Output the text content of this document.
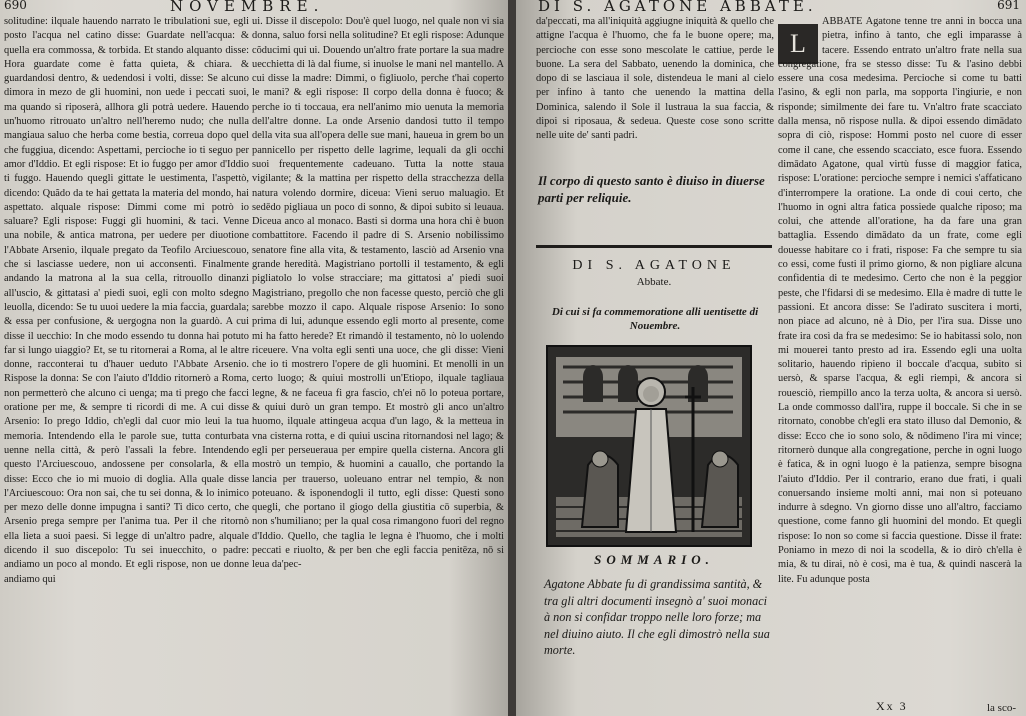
690	NOVEMBRE.

solitudine: ilquale hauendo narrato le tribulationi sue, egli posto l'acqua nel catino disse: Guardate nell'acqua: & quella era commossa, & torbida. Et stando alquanto disse: Hora guardate come è fatta quieta, & chiara. & guardandosi dentro, & uedendosi i volti, disse: Se alcuno dimora in mezo de gli huomini, non uede i peccati suoi, ma quando si riposerà, allhora gli potrà uedere. Hauendo un'huomo ritrouato un'altro nell'heremo nudo; che nulla mangiaua saluo che herba come bestia, correua dopo quel che fuggiua, dicendo: Aspettami, percioche io ti seguo per amor d'Iddio. Et egli rispose: Et io fuggo per amor d'Iddio ti fuggo. Hauendo quegli gittate le uestimenta, l'aspettò, dicendo: Quãdo da te hai gettata la materia del mondo, hai aspettato. alquale rispose: Dimmi come mi potrò io saluare? Egli rispose: Fuggi gli huomini, & taci. Venne una nobile, & antica matrona, per uedere per diuotione l'Abbate Arsenio, ilquale pregato da Teofilo Arciuescouo, che si lasciasse uedere, non ui acconsentì. Finalmente andando la matrona al la sua cella, ritrouollo dinanzi all'uscio, & gittatasi a' piedi suoi, egli con molto sdegno leuolla, dicendo: Se tu uuoi uedere la mia faccia, guardala; & essa per confusione, & uergogna non la guardò. A cui disse il uecchio: In che modo essendo tu donna hai potuto far si lungo uiaggio? Et, se tu ritornerai a Roma, al le altre donne, racconterai tu d'hauer ueduto l'Abbate Arsenio. Rispose la donna: Se con l'aiuto d'Iddio ritornerò a Roma, non permetterò che alcuno ci uenga; ma ti prego che facci oratione per me, & sempre ti ricordi di me. A cui disse Arsenio: Io prego Iddio, ch'egli dal cuor mio leui la tua memoria. Intendendo ella le parole sue, tutta conturbata uenne nella città, & però l'assalì la febre. Intendendo questo l'Arciuescouo, andossene per consolarla, & ella disse: Ecco che io mi muoio di doglia. Alla quale disse l'Arciuescouo: Ora non sai, che tu sei donna, & lo inimico per mezo delle donne impugna i santi? Ti dico certo, che Arsenio prega sempre per l'anima tua. Per il che ritornò ella lieta a suoi paesi. Si legge di un'altro padre, alquale dicendo il suo discepolo: Tu sei inuecchito, o padre: andiamo un poco al mondo. Et egli rispose, non ue donne andiamo qui

ui. Disse il discepolo: Dou'è quel luogo, nel quale non vi sia donna, saluo forsi nella solitudine? Et egli rispose: Adunque cõducimi qui ui. Douendo un'altro frate portare la sua madre uecchietta di là dal fiume, si inuolse le mani nel mantello. A cui disse la madre: Dimmi, o figliuolo, perche t'hai coperto le mani? & egli rispose: Il corpo della donna è fuoco; & perche io ti toccaua, era nell'animo mio uenuta la memoria dell'altre donne. La onde Arsenio dandosi tutto il tempo della vita sua all'opera delle sue mani, haueua in grem bo un pannicello per rispetto delle lagrime, lequali da gli occhi suoi frequentemente cadeuano. Tutta la notte staua vigilante; & la mattina per rispetto della stracchezza della natura volendo dormire, diceua: Vieni seruo maluagio. Et sedēdo pigliaua un poco di sonno, & dipoi subito si leuaua. Diceua anco al monaco. Basti si dorma una hora chi è buon combattitore. Facendo il padre di S. Arsenio nobilissimo senatore fine alla vita, & testamento, lasciò ad Arsenio vna grande heredità. Magistriano portolli il testamento, & egli pigliatolo lo volse stracciare; ma gittatosi a' piedi suoi Magistriano, pregollo che non facesse questo, perciò che gli sarebbe mozzo il capo. Alquale rispose Arsenio: Io sono prima di lui, adunque essendo egli morto al presente, come mi ha fatto herede? Et rimandò il testamento, nò lo uolendo riceuere. Vna volta egli sentì una uoce, che gli disse: Vieni che io ti mostrero l'opere de gli huomini. Et menolli in un certo luogo; & quiui mostrolli un'Etiopo, ilquale tagliaua legne, & ne faceua fi gra fascio, ch'ei nō lo poteua portare, & quiui durò un gran tempo. Et mostrò gli anco un'altro huomo, ilquale attingeua acqua d'un lago, & la metteua in vna cisterna rotta, e di quiui uscina ritornandosi nel lago; & egli per perseueraua per empire quella cisterna. Ancora gli mostrò un tempio, & huomini a cauallo, che portando la lancia per trauerso, uoleuano entrar nel tempio, & non poteuano. & isponendogli il tutto, egli disse: Questi sono quegli, che portano il giogo della giustitia cō superbia, & non s'humiliano; per la qual cosa rimangono fuori del regno d'Iddio. Quello, che taglia le legna è l'huomo, che i molti peccati e riuolto, & per ben che egli faccia penitēza, nō si leua da'pec-

DI S. AGATONE ABBATE.	691

da'peccati, ma all'iniquità aggiugne iniquità & quello che attigne l'acqua è l'huomo, che fa le buone opere; ma, percioche con esse sono mescolate le cattiue, perde le buone. La sera del Sabbato, uenendo la dominica, che dopo di se lasciaua il sole, distendeua le mani al cielo per infino à tanto che uenendo la mattina della Dominica, salendo il Sole il lustraua la sua faccia, & dipoi si riposaua, & sedeua. Queste cose sono scritte nelle uite de' santi padri.

Il corpo di questo santo è diuiso in diuerse parti per reliquie.
DI S. AGATONE
Abbate.
Di cui si fa commemoratione alli uentisette di Nouembre.
SOMMARIO.
Agatone Abbate fu di grandissima santità, & tra gli altri documenti insegnò a' suoi monaci à non si confidar troppo nelle loro forze; ma nel diuino aiuto. Il che egli dimostrò nella sua morte.
L

ABBATE Agatone tenne tre anni in bocca una pietra, infino à tanto, che egli imparasse à tacere. Essendo entrato un'altro frate nella sua congregatione, fra se stesso disse: Tu & l'asino debbi essere una cosa medesima. Percioche si come tu batti l'asino, & egli non parla, ma sopporta l'ingiurie, e non risponde; similmente dei fare tu. Vn'altro frate scacciato dalla mensa, nō rispose nulla. & dipoi essendo dimādato sopra di ciò, rispose: Hommi posto nel cuore di esser come il cane, che essendo scacciato, esce fuora. Essendo dimādato Agatone, qual virtù fusse di maggior fatica, rispose: L'oratione: percioche sempre i nemici s'affaticano d'interrompere la oratione. La onde di coui certo, che l'huomo in ogni altra fatica possiede qualche riposo; ma colui, che attende all'oratione, ha da fare una gran battaglia. Essendo dimādato da un frate, come egli douesse habitare co i frati, rispose: Fa che sempre tu sia co essi, come fusti il primo giorno, & non pigliare alcuna confidentia di te medesimo. Certo che non è la peggior peste, che l'fidarsi di se medesimo. Ella è madre di tutte le passioni. Et ancora disse: Se l'adirato suscitera i morti, non piace ad alcuno, nè à Dio, per l'ira sua. Disse uno frate ira così da fra se medesimo: Se io habitassi solo, non mi mouerei tanto presto ad ira. Essendo egli una uolta solitario, hauendo ripieno il boccale d'acqua, subito si uersò, & sparse l'acqua, & egli riempì, & ancora si rouesciò, riempillo anco la terza uolta, & ancora si uersò. La onde commosso dall'ira, ruppe il boccale. Si che in se ritornato, conobbe ch'egli era stato illuso dal Demonio, & disse: Ecco che io sono solo, & nōdimeno l'ira mi vince; ritornerò dunque alla congregatione, perche in ogni luogo è fatica, & in ogni luogo è la patienza, sempre bisogna l'aiuto d'Iddio. Per il contrario, erano due frati, i quali conuersando insieme molti anni, mai non si poteuano indurre à sdegno. Vn giorno disse uno all'altro, facciamo questione, come fanno gli huomini del mondo. Et quegli rispose: Io non so come si faccia questione. Disse il frate: Poniamo in mezo di noi la scodella, & io dirò ch'ella è mia, & tu dirai, nò è così, ma è tua, & quindi nascerà la lite. Fu adunque posta

Xx 3	la sco-
